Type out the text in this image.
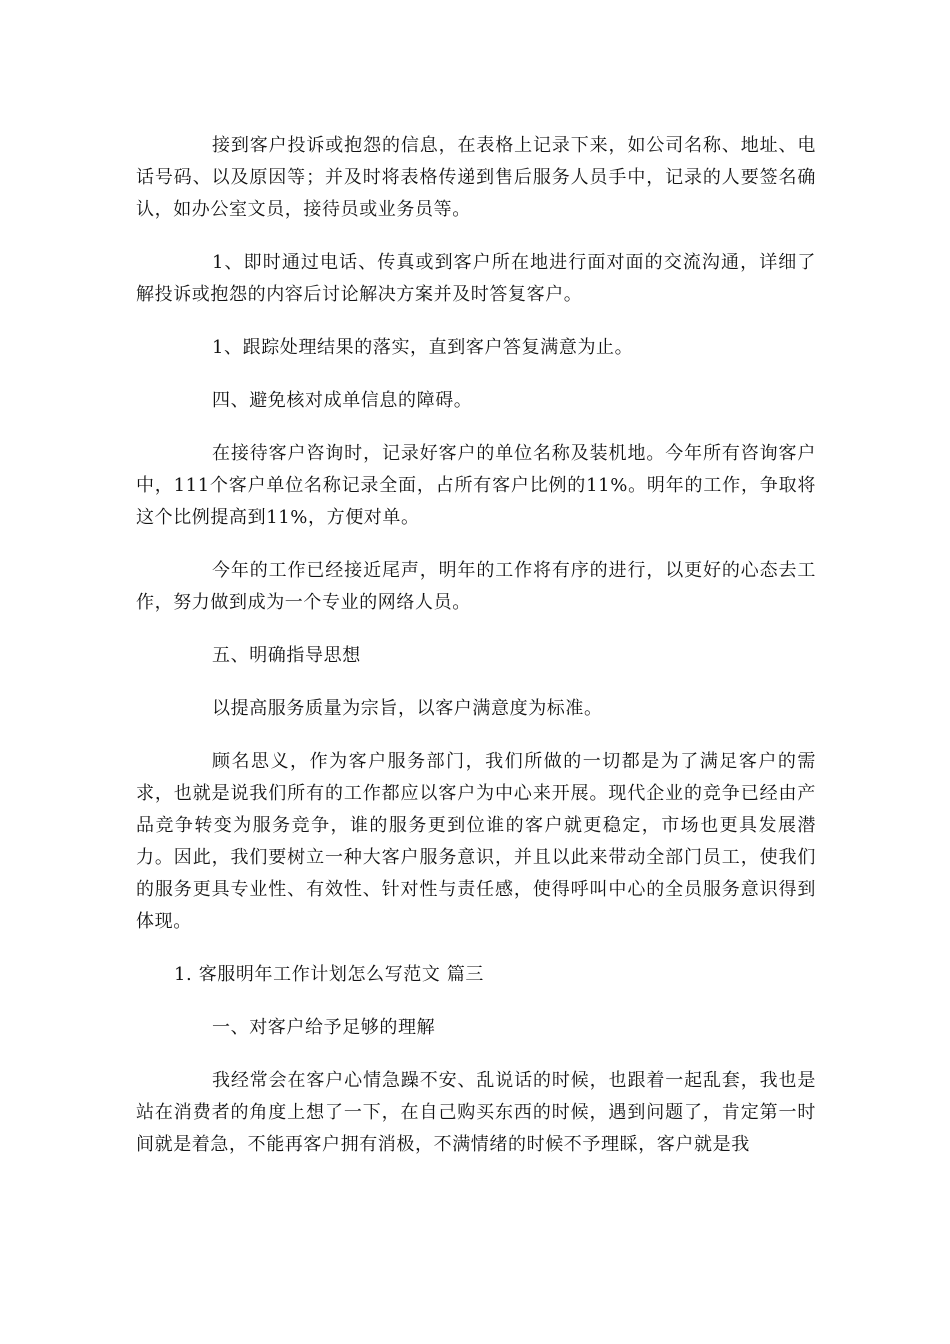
接到客户投诉或抱怨的信息，在表格上记录下来，如公司名称、地址、电话号码、以及原因等；并及时将表格传递到售后服务人员手中，记录的人要签名确认，如办公室文员，接待员或业务员等。

1、即时通过电话、传真或到客户所在地进行面对面的交流沟通，详细了解投诉或抱怨的内容后讨论解决方案并及时答复客户。

1、跟踪处理结果的落实，直到客户答复满意为止。

四、避免核对成单信息的障碍。

在接待客户咨询时，记录好客户的单位名称及装机地。今年所有咨询客户中，111个客户单位名称记录全面，占所有客户比例的11%。明年的工作，争取将这个比例提高到11%，方便对单。

今年的工作已经接近尾声，明年的工作将有序的进行，以更好的心态去工作，努力做到成为一个专业的网络人员。

五、明确指导思想

以提高服务质量为宗旨，以客户满意度为标准。

顾名思义，作为客户服务部门，我们所做的一切都是为了满足客户的需求，也就是说我们所有的工作都应以客户为中心来开展。现代企业的竞争已经由产品竞争转变为服务竞争，谁的服务更到位谁的客户就更稳定，市场也更具发展潜力。因此，我们要树立一种大客户服务意识，并且以此来带动全部门员工，使我们的服务更具专业性、有效性、针对性与责任感，使得呼叫中心的全员服务意识得到体现。

1. 客服明年工作计划怎么写范文 篇三

一、对客户给予足够的理解

我经常会在客户心情急躁不安、乱说话的时候，也跟着一起乱套，我也是站在消费者的角度上想了一下，在自己购买东西的时候，遇到问题了，肯定第一时间就是着急，不能再客户拥有消极，不满情绪的时候不予理睬，客户就是我
